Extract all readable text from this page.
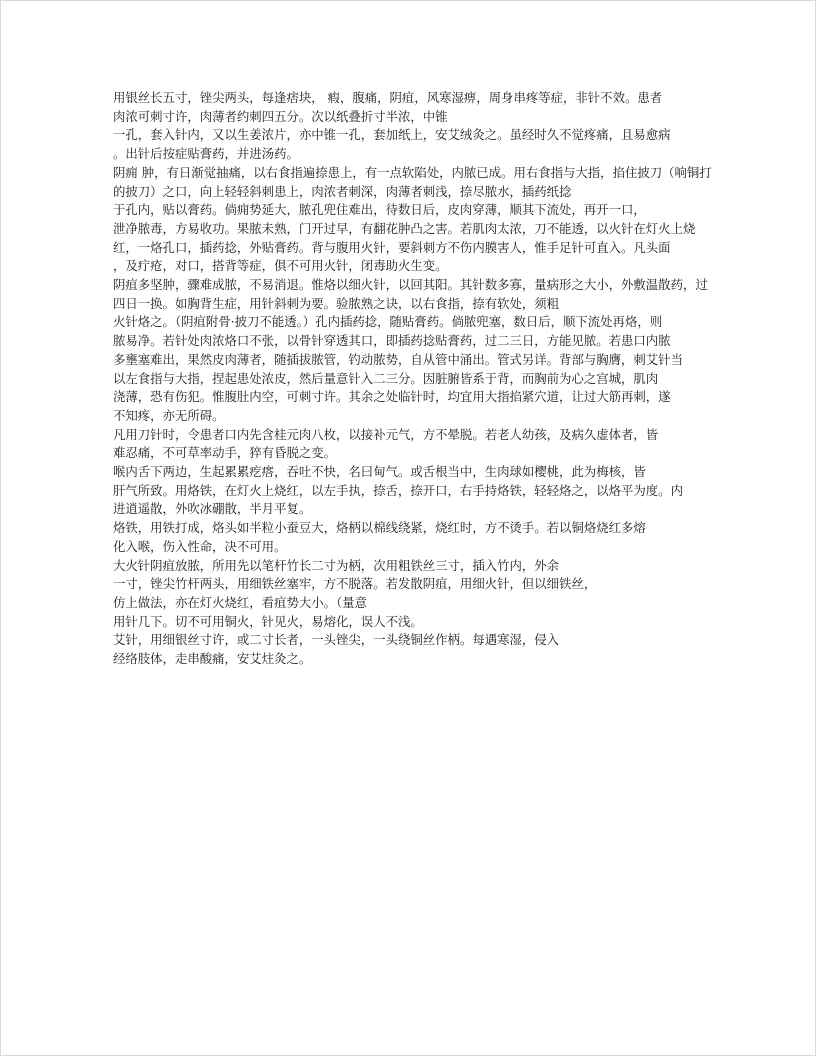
用银丝长五寸，锉尖两头，每逢痞块， 瘕，腹痛，阴疽，风寒湿痹，周身串疼等症，非针不效。患者
肉浓可刺寸许，肉薄者约刺四五分。次以纸叠折寸半浓，中锥
一孔，套入针内，又以生姜浓片，亦中锥一孔，套加纸上，安艾绒灸之。虽经时久不觉疼痛，且易愈病
。出针后按症贴膏药，并进汤药。
阴痈 肿，有日渐觉抽痛，以右食指遍捺患上，有一点软陷处，内脓已成。用右食指与大指，掐住披刀（响铜打的披刀）之口，向上轻轻斜刺患上，肉浓者刺深，肉薄者刺浅，捺尽脓水，插药纸捻
于孔内，贴以膏药。倘痈势延大，脓孔兜住难出，待数日后，皮肉穿薄，顺其下流处，再开一口，
泄净脓毒，方易收功。果脓未熟，门开过早，有翻花肿凸之害。若肌肉太浓，刀不能透，以火针在灯火上烧
红，一烙孔口，插药捻，外贴膏药。背与腹用火针，要斜刺方不伤内膜害人，惟手足针可直入。凡头面
，及疔疮，对口，搭背等症，俱不可用火针，闭毒助火生变。
阴疽多坚肿，骤难成脓，不易消退。惟烙以细火针，以回其阳。其针数多寡，量病形之大小，外敷温散药，过四日一换。如胸背生症，用针斜刺为要。验脓熟之诀，以右食指，捺有软处，须粗
火针烙之。（阴疽附骨·披刀不能透。）孔内插药捻，随贴膏药。倘脓兜塞，数日后，顺下流处再烙，则
脓易净。若针处肉浓烙口不张，以骨针穿透其口，即插药捻贴膏药，过二三日，方能见脓。若患口内脓
多壅塞难出，果然皮肉薄者，随插拔脓管，钓动脓势，自从管中涌出。管式另详。背部与胸膺，刺艾针当
以左食指与大指，捏起患处浓皮，然后量意针入二三分。因脏腑皆系于背，而胸前为心之宫城，肌肉
浇薄，恐有伤犯。惟腹肚内空，可刺寸许。其余之处临针时，均宜用大指掐紧穴道，让过大筋再刺，遂
不知疼，亦无所碍。
凡用刀针时，令患者口内先含桂元肉八枚，以接补元气，方不晕脱。若老人幼孩，及病久虚体者，皆
难忍痛，不可草率动手，猝有昏脱之变。
喉内舌下两边，生起累累疙瘩，吞吐不快，名曰甸气。或舌根当中，生肉球如樱桃，此为梅核，皆
肝气所致。用烙铁，在灯火上烧红，以左手执，捺舌，捺开口，右手持烙铁，轻轻烙之，以烙平为度。内
进逍遥散，外吹冰硼散，半月平复。
烙铁，用铁打成，烙头如半粒小蚕豆大，烙柄以棉线绕紧，烧红时，方不烫手。若以铜烙烧红多熔
化入喉，伤入性命，决不可用。
大火针阴疽放脓，所用先以笔杆竹长二寸为柄，次用粗铁丝三寸，插入竹内，外余
一寸，锉尖竹杆两头，用细铁丝塞牢，方不脱落。若发散阴疽，用细火针，但以细铁丝，
仿上做法，亦在灯火烧红，看疽势大小。（量意
用针几下。切不可用铜火，针见火，易熔化，误人不浅。
艾针，用细银丝寸许，或二寸长者，一头锉尖，一头绕铜丝作柄。每遇寒湿，侵入
经络肢体，走串酸痛，安艾炷灸之。
